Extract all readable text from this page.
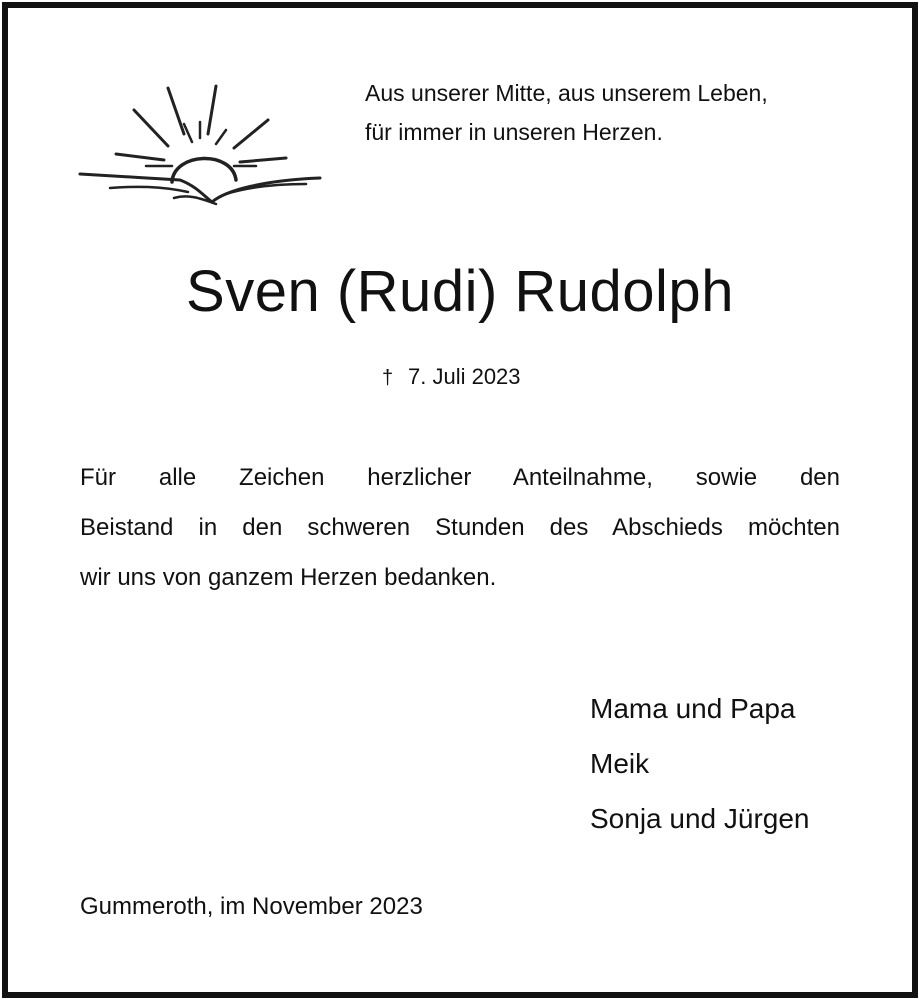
Aus unserer Mitte, aus unserem Leben,
für immer in unseren Herzen.
Sven (Rudi) Rudolph
† 7. Juli 2023
Für alle Zeichen herzlicher Anteilnahme, sowie den
Beistand in den schweren Stunden des Abschieds möchten
wir uns von ganzem Herzen bedanken.
Mama und Papa
Meik
Sonja und Jürgen
Gummeroth, im November 2023
